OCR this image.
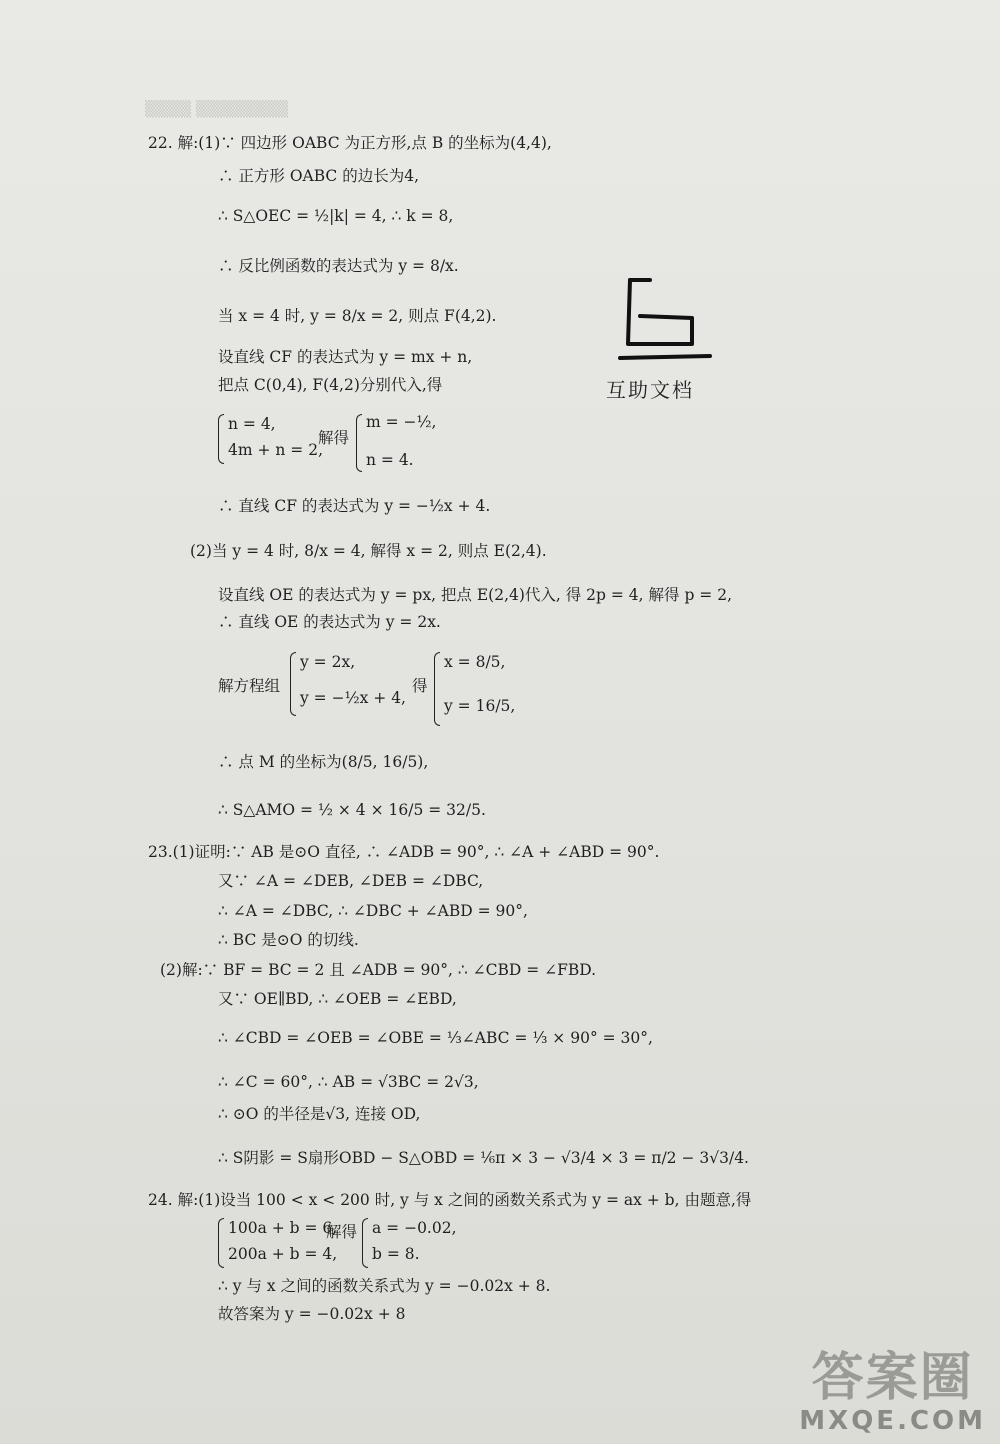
▒▒▒▒ ▒▒▒▒▒▒▒▒
22. 解:(1)∵ 四边形 OABC 为正方形,点 B 的坐标为(4,4),
∴ 正方形 OABC 的边长为4,
∴ S△OEC = ½|k| = 4, ∴ k = 8,
∴ 反比例函数的表达式为 y = 8/x.
当 x = 4 时, y = 8/x = 2, 则点 F(4,2).
设直线 CF 的表达式为 y = mx + n,
把点 C(0,4), F(4,2)分别代入,得
n = 4,
4m + n = 2,
解得
m = −½,
n = 4.
∴ 直线 CF 的表达式为 y = −½x + 4.
(2)当 y = 4 时, 8/x = 4, 解得 x = 2, 则点 E(2,4).
设直线 OE 的表达式为 y = px, 把点 E(2,4)代入, 得 2p = 4, 解得 p = 2,
∴ 直线 OE 的表达式为 y = 2x.
解方程组
y = 2x,
y = −½x + 4,
得
x = 8/5,
y = 16/5,
∴ 点 M 的坐标为(8/5, 16/5),
∴ S△AMO = ½ × 4 × 16/5 = 32/5.
23.(1)证明:∵ AB 是⊙O 直径, ∴ ∠ADB = 90°, ∴ ∠A + ∠ABD = 90°.
又∵ ∠A = ∠DEB, ∠DEB = ∠DBC,
∴ ∠A = ∠DBC, ∴ ∠DBC + ∠ABD = 90°,
∴ BC 是⊙O 的切线.
(2)解:∵ BF = BC = 2 且 ∠ADB = 90°, ∴ ∠CBD = ∠FBD.
又∵ OE∥BD, ∴ ∠OEB = ∠EBD,
∴ ∠CBD = ∠OEB = ∠OBE = ⅓∠ABC = ⅓ × 90° = 30°,
∴ ∠C = 60°, ∴ AB = √3BC = 2√3,
∴ ⊙O 的半径是√3, 连接 OD,
∴ S阴影 = S扇形OBD − S△OBD = ⅙π × 3 − √3/4 × 3 = π/2 − 3√3/4.
24. 解:(1)设当 100 < x < 200 时, y 与 x 之间的函数关系式为 y = ax + b, 由题意,得
100a + b = 6,
200a + b = 4,
解得 a = −0.02,
b = 8.
∴ y 与 x 之间的函数关系式为 y = −0.02x + 8.
故答案为 y = −0.02x + 8
互助文档
答案圈
MXQE.COM
